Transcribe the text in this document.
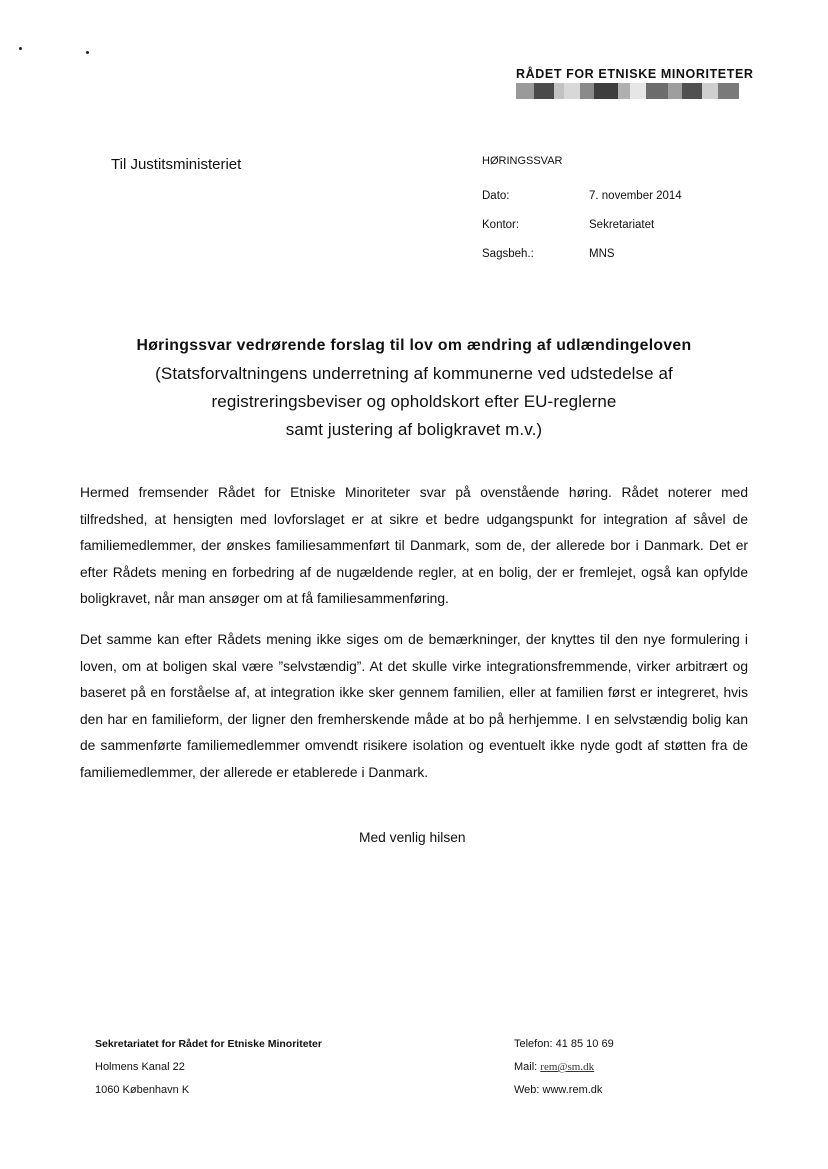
RÅDET FOR ETNISKE MINORITETER
Til Justitsministeriet	HØRINGSSVAR
Dato:	7. november 2014
Kontor:	Sekretariatet
Sagsbeh.:	MNS
Høringssvar vedrørende forslag til lov om ændring af udlændingeloven
(Statsforvaltningens underretning af kommunerne ved udstedelse af
registreringsbeviser og opholdskort efter EU-reglerne
samt justering af boligkravet m.v.)
Hermed fremsender Rådet for Etniske Minoriteter svar på ovenstående høring. Rådet noterer med tilfredshed, at hensigten med lovforslaget er at sikre et bedre udgangspunkt for integration af såvel de familiemedlemmer, der ønskes familiesammenført til Danmark, som de, der allerede bor i Danmark. Det er efter Rådets mening en forbedring af de nugældende regler, at en bolig, der er fremlejet, også kan opfylde boligkravet, når man ansøger om at få familiesammenføring.
Det samme kan efter Rådets mening ikke siges om de bemærkninger, der knyttes til den nye formulering i loven, om at boligen skal være ”selvstændig”. At det skulle virke integrationsfremmende, virker arbitrært og baseret på en forståelse af, at integration ikke sker gennem familien, eller at familien først er integreret, hvis den har en familieform, der ligner den fremherskende måde at bo på herhjemme. I en selvstændig bolig kan de sammenførte familiemedlemmer omvendt risikere isolation og eventuelt ikke nyde godt af støtten fra de familiemedlemmer, der allerede er etablerede i Danmark.
Med venlig hilsen
Sekretariatet for Rådet for Etniske Minoriteter
Holmens Kanal 22
1060 København K
Telefon: 41 85 10 69
Mail: rem@sm.dk
Web: www.rem.dk
